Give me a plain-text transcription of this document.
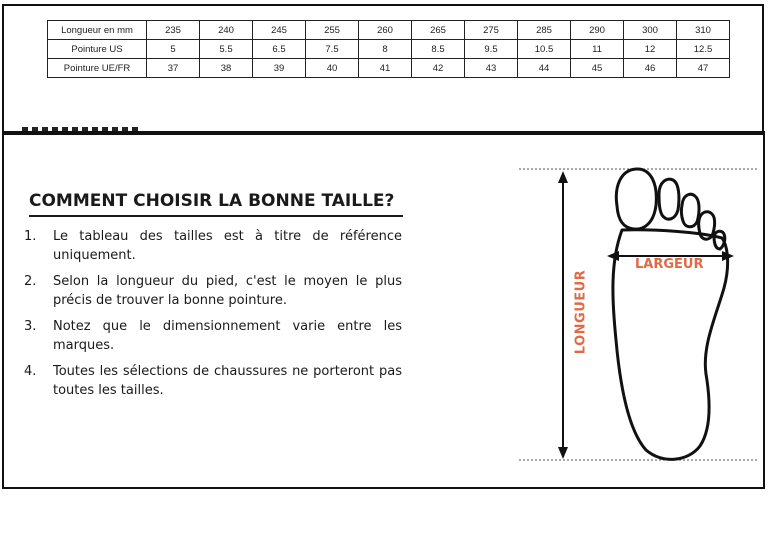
Longueur en mm	235	240	245	255	260	265	275	285	290	300	310
Pointure US	5	5.5	6.5	7.5	8	8.5	9.5	10.5	11	12	12.5
Pointure UE/FR	37	38	39	40	41	42	43	44	45	46	47
COMMENT CHOISIR LA BONNE TAILLE?
1.	Le tableau des tailles est à titre de référence uniquement.
2.	Selon la longueur du pied, c'est le moyen le plus précis de trouver la bonne pointure.
3.	Notez que le dimensionnement varie entre les marques.
4.	Toutes les sélections de chaussures ne porteront pas toutes les tailles.
LONGUEUR
LARGEUR
